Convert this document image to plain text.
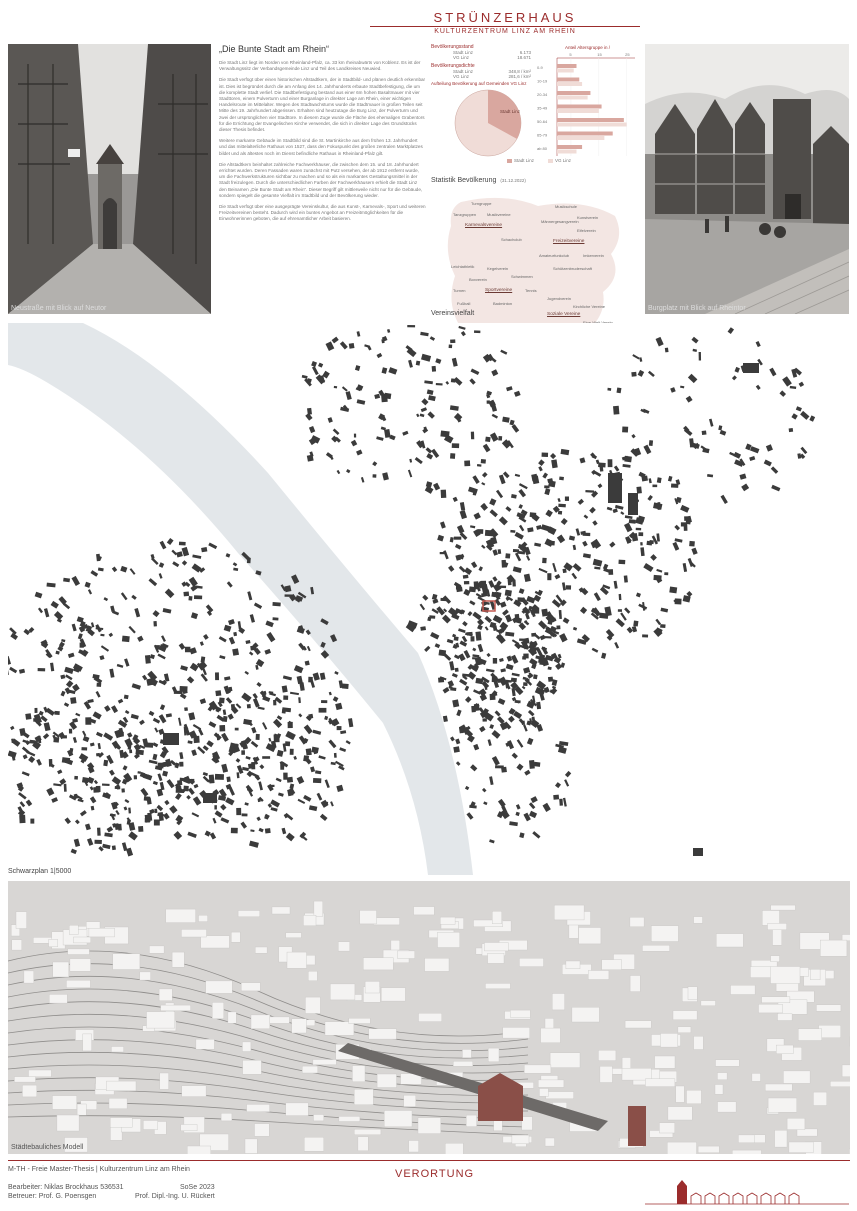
STRÜNZERHAUS
KULTURZENTRUM LINZ AM RHEIN
Neustraße mit Blick auf Neutor
„Die Bunte Stadt am Rhein“

Die Stadt Linz liegt im Norden von Rheinland-Pfalz, ca. 33 km rheinabwärts von Koblenz. Es ist der Verwaltungssitz der Verbandsgemeinde Linz und Teil des Landkreises Neuwied.

Die Stadt verfügt über einen historischen Altstadtkern, der in Stadtbild- und plänen deutlich erkennbar ist. Dies ist begründet durch die am Anfang des 14. Jahrhunderts erbaute Stadtbefestigung, die um die komplette Stadt verlief. Die Stadtbefestigung bestand aus einer 6m hohen Basaltmauer mit vier Stadttoren, einem Pulverturm und einer Burganlage in direkter Lage am Rhein, einer wichtigen Handelsroute im Mittelalter. Wegen des Stadtwachstums wurde die Stadtmauer in großen Teilen seit Mitte des 19. Jahrhundert abgerissen. Erhalten sind heutzutage die Burg Linz, der Pulverturm und zwei der ursprünglichen vier Stadttore. In diesem Zuge wurde die Fläche des ehemaligen Grabentors für die Errichtung der Evangelischen Kirche verwendet, die sich in direkter Lage des Grundstücks dieser Thesis befindet.

Weitere markante Gebäude im Stadtbild sind die St. Martinkirche aus dem frühen 13. Jahrhundert und das mittelalterliche Rathaus von 1527, dass den Fokuspunkt des großen zentralen Marktplatzes bildet und als ältestes noch im Dienst befindliche Rathaus in Rheinland-Pfalz gilt.

Die Altstadtkern beinhaltet zahlreiche Fachwerkhäuser, die zwischen dem 15. und 18. Jahrhundert errichtet wurden. Deren Fassaden waren zunächst mit Putz versehen, der ab 1912 entfernt wurde, um die Fachwerkstrukturen sichtbar zu machen und so als ein markantes Gestaltungsmittel in der Stadt freizulegen. Durch die unterschiedlichen Farben der Fachwerkhäusern erhielt die Stadt Linz den Beinamen „Die Bunte Stadt am Rhein“. Dieser Begriff gilt mittlerweile nicht nur für die Gebäude, sondern spiegelt die gesamte Vielfalt im Stadtbild und der Bevölkerung wieder.

Die Stadt verfügt über eine ausgeprägte Vereinskultur, die aus Kunst-, Karnevals-, Sport und weiteren Freizeitvereinen besteht. Dadurch wird ein buntes Angebot an Freizeitmöglichkeiten für die Einwohnerinnen geboten, die auf ehrenamtlicher Arbeit basieren.

Bevölkerungsstand
Stadt Linz	6.173
VG Linz	18.671
Bevölkerungsdichte
Stadt Linz	348,8 / km²
VG Linz	281,6 / km²
Aufteilung Bevölkerung auf Gemeinden VG Linz
Stadt Linz
Stadt Linz	VG Linz
Anteil Altersgruppe in /
5	15	25
0-9
10-19
20-34
35-49
50-64
65-79
ab 80
Statistik Bevölkerung (31.12.2022)
Turngruppe
Tanzgruppen	Musikvereine
Karnevalsvereine
Musikschule
Kunstverein
Männergesangverein
Schachclub
Freizeitvereine
Eifelverein
Amateurfunkclub	Imkerverein
Schützenbruderschaft
Leichtathletik
Kegelverein
Boxverein
Schwimmen
Turnen	Sportvereine	Tennis
Fußball	Badminton
Jugendverein
Kirchliche Vereine
Soziale Vereine
Vereinsvielfalt
Burgplatz mit Blick auf Rheintor
Schwarzplan 1|5000
Städtebauliches Modell
M-TH - Freie Master-Thesis | Kulturzentrum Linz am Rhein	VERORTUNG
Bearbeiter: Niklas Brockhaus 536531	SoSe 2023
Betreuer: Prof. G. Poensgen	Prof. Dipl.-Ing. U. Rückert
